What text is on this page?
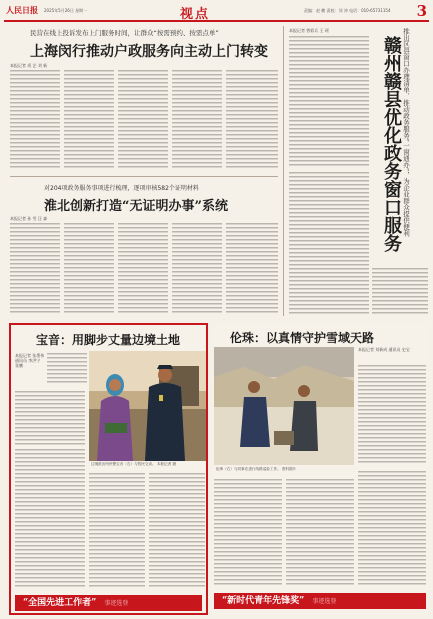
人民日报 2025年5月26日 星期一	视点	责编：赵 鹏 责校：刘 冲 电话：010-65731154 3
民营在线上投诉发布上门服务时间，让群众“按需预约、按需点单”
上海闵行推动户政服务向主动上门转变
本报记者 巩 艺 刘 新
对204项政务服务事项进行梳理，逐项审核582个证明材料
淮北创新打造“无证明办事”系统
本报记者 孙 雪 汪 森
本报记者 曾彩兵 王 瑶	推出区县窗口办理清单、推动政务服务“一窗通办”，为企业群众提供便利
赣州赣县优化政务窗口服务
宝音：用脚步丈量边境土地
本报记者 张墨伟 通讯员 李洪宁 张鹏
边境派出所民警宝音（右）与牧民交谈。 本报记者 摄
“全国先进工作者” 事迹选登
伦珠：以真情守护雪域天路
本报记者 刘新成 通讯员 史宝
伦珠（右）与同事在进行线路巡检工作。 资料图片
“新时代青年先锋奖” 事迹选登
